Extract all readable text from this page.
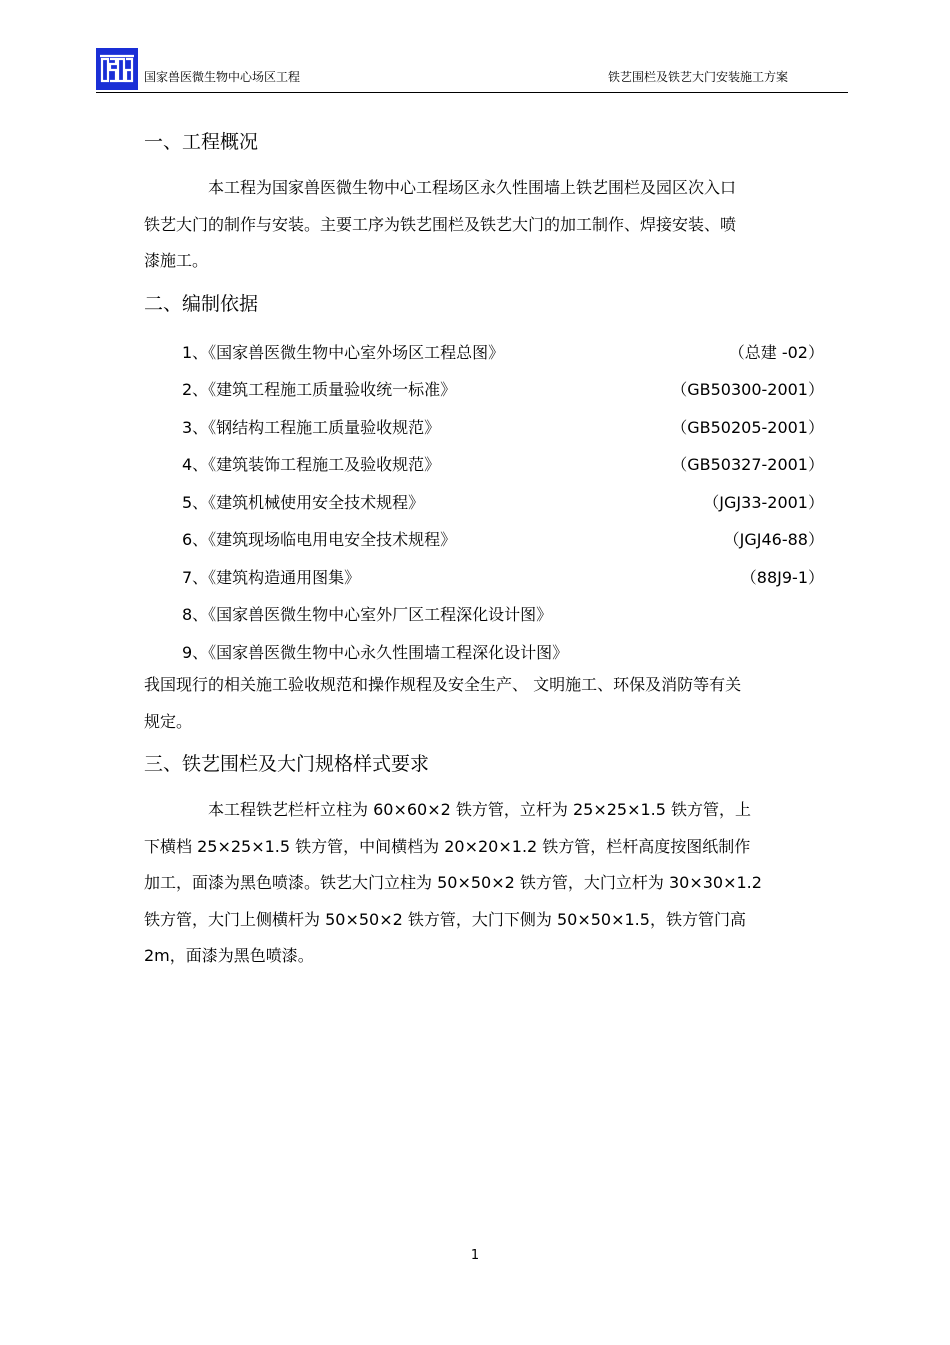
国家兽医微生物中心场区工程	铁艺围栏及铁艺大门安装施工方案
一、工程概况

本工程为国家兽医微生物中心工程场区永久性围墙上铁艺围栏及园区次入口

铁艺大门的制作与安装。主要工序为铁艺围栏及铁艺大门的加工制作、焊接安装、喷

漆施工。

二、编制依据
1、《国家兽医微生物中心室外场区工程总图》	（总建 -02）
2、《建筑工程施工质量验收统一标准》	（GB50300-2001）
3、《钢结构工程施工质量验收规范》	（GB50205-2001）
4、《建筑装饰工程施工及验收规范》	（GB50327-2001）
5、《建筑机械使用安全技术规程》	（JGJ33-2001）
6、《建筑现场临电用电安全技术规程》	（JGJ46-88）
7、《建筑构造通用图集》	（88J9-1）
8、《国家兽医微生物中心室外厂区工程深化设计图》
9、《国家兽医微生物中心永久性围墙工程深化设计图》

我国现行的相关施工验收规范和操作规程及安全生产、 文明施工、环保及消防等有关

规定。

三、铁艺围栏及大门规格样式要求

本工程铁艺栏杆立柱为 60×60×2 铁方管，立杆为 25×25×1.5 铁方管，上

下横档 25×25×1.5 铁方管，中间横档为 20×20×1.2 铁方管，栏杆高度按图纸制作

加工，面漆为黑色喷漆。铁艺大门立柱为 50×50×2 铁方管，大门立杆为 30×30×1.2

铁方管，大门上侧横杆为 50×50×2 铁方管，大门下侧为 50×50×1.5，铁方管门高

2m，面漆为黑色喷漆。

1
